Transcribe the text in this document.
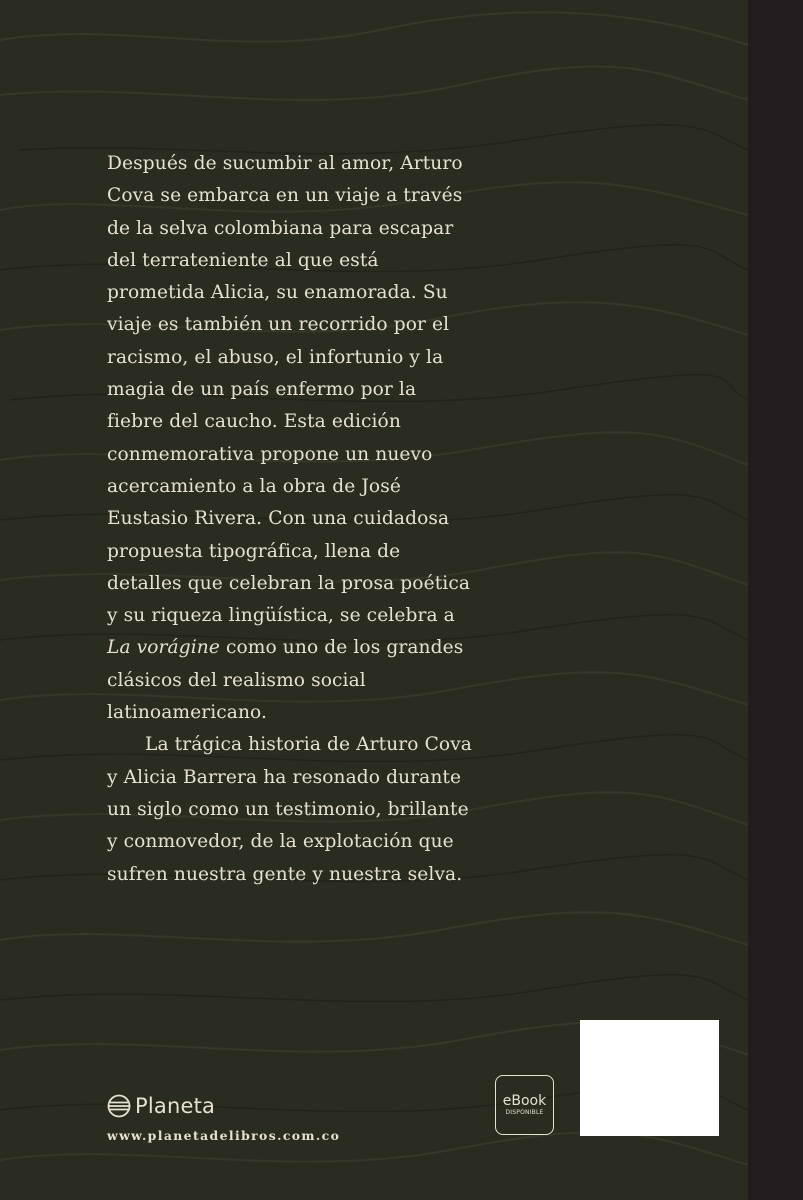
Después de sucumbir al amor, Arturo Cova se embarca en un viaje a través de la selva colombiana para escapar del terrateniente al que está prometida Alicia, su enamorada. Su viaje es también un recorrido por el racismo, el abuso, el infortunio y la magia de un país enfermo por la fiebre del caucho. Esta edición conmemorativa propone un nuevo acercamiento a la obra de José Eustasio Rivera. Con una cuidadosa propuesta tipográfica, llena de detalles que celebran la prosa poética y su riqueza lingüística, se celebra a La vorágine como uno de los grandes clásicos del realismo social latinoamericano.

La trágica historia de Arturo Cova y Alicia Barrera ha resonado durante un siglo como un testimonio, brillante y conmovedor, de la explotación que sufren nuestra gente y nuestra selva.

Planeta
www.planetadelibros.com.co
eBook
DISPONIBLE
